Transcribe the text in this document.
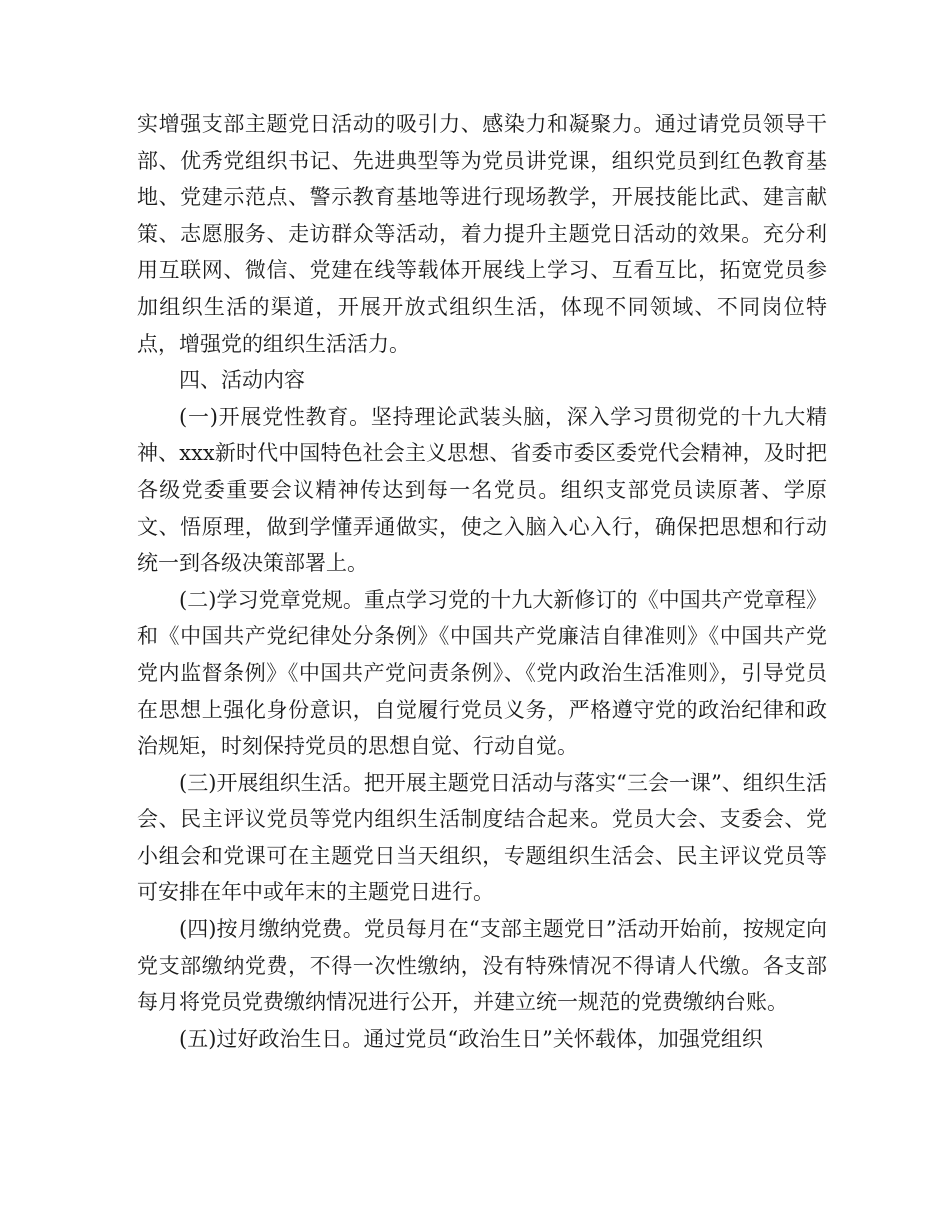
实增强支部主题党日活动的吸引力、感染力和凝聚力。通过请党员领导干部、优秀党组织书记、先进典型等为党员讲党课，组织党员到红色教育基地、党建示范点、警示教育基地等进行现场教学，开展技能比武、建言献策、志愿服务、走访群众等活动，着力提升主题党日活动的效果。充分利用互联网、微信、党建在线等载体开展线上学习、互看互比，拓宽党员参加组织生活的渠道，开展开放式组织生活，体现不同领域、不同岗位特点，增强党的组织生活活力。

四、活动内容

(一)开展党性教育。坚持理论武装头脑，深入学习贯彻党的十九大精神、xxx新时代中国特色社会主义思想、省委市委区委党代会精神，及时把各级党委重要会议精神传达到每一名党员。组织支部党员读原著、学原文、悟原理，做到学懂弄通做实，使之入脑入心入行，确保把思想和行动统一到各级决策部署上。

(二)学习党章党规。重点学习党的十九大新修订的《中国共产党章程》和《中国共产党纪律处分条例》《中国共产党廉洁自律准则》《中国共产党党内监督条例》《中国共产党问责条例》、《党内政治生活准则》，引导党员在思想上强化身份意识，自觉履行党员义务，严格遵守党的政治纪律和政治规矩，时刻保持党员的思想自觉、行动自觉。

(三)开展组织生活。把开展主题党日活动与落实“三会一课”、组织生活会、民主评议党员等党内组织生活制度结合起来。党员大会、支委会、党小组会和党课可在主题党日当天组织，专题组织生活会、民主评议党员等可安排在年中或年末的主题党日进行。

(四)按月缴纳党费。党员每月在“支部主题党日”活动开始前，按规定向党支部缴纳党费，不得一次性缴纳，没有特殊情况不得请人代缴。各支部每月将党员党费缴纳情况进行公开，并建立统一规范的党费缴纳台账。

(五)过好政治生日。通过党员“政治生日”关怀载体，加强党组织
